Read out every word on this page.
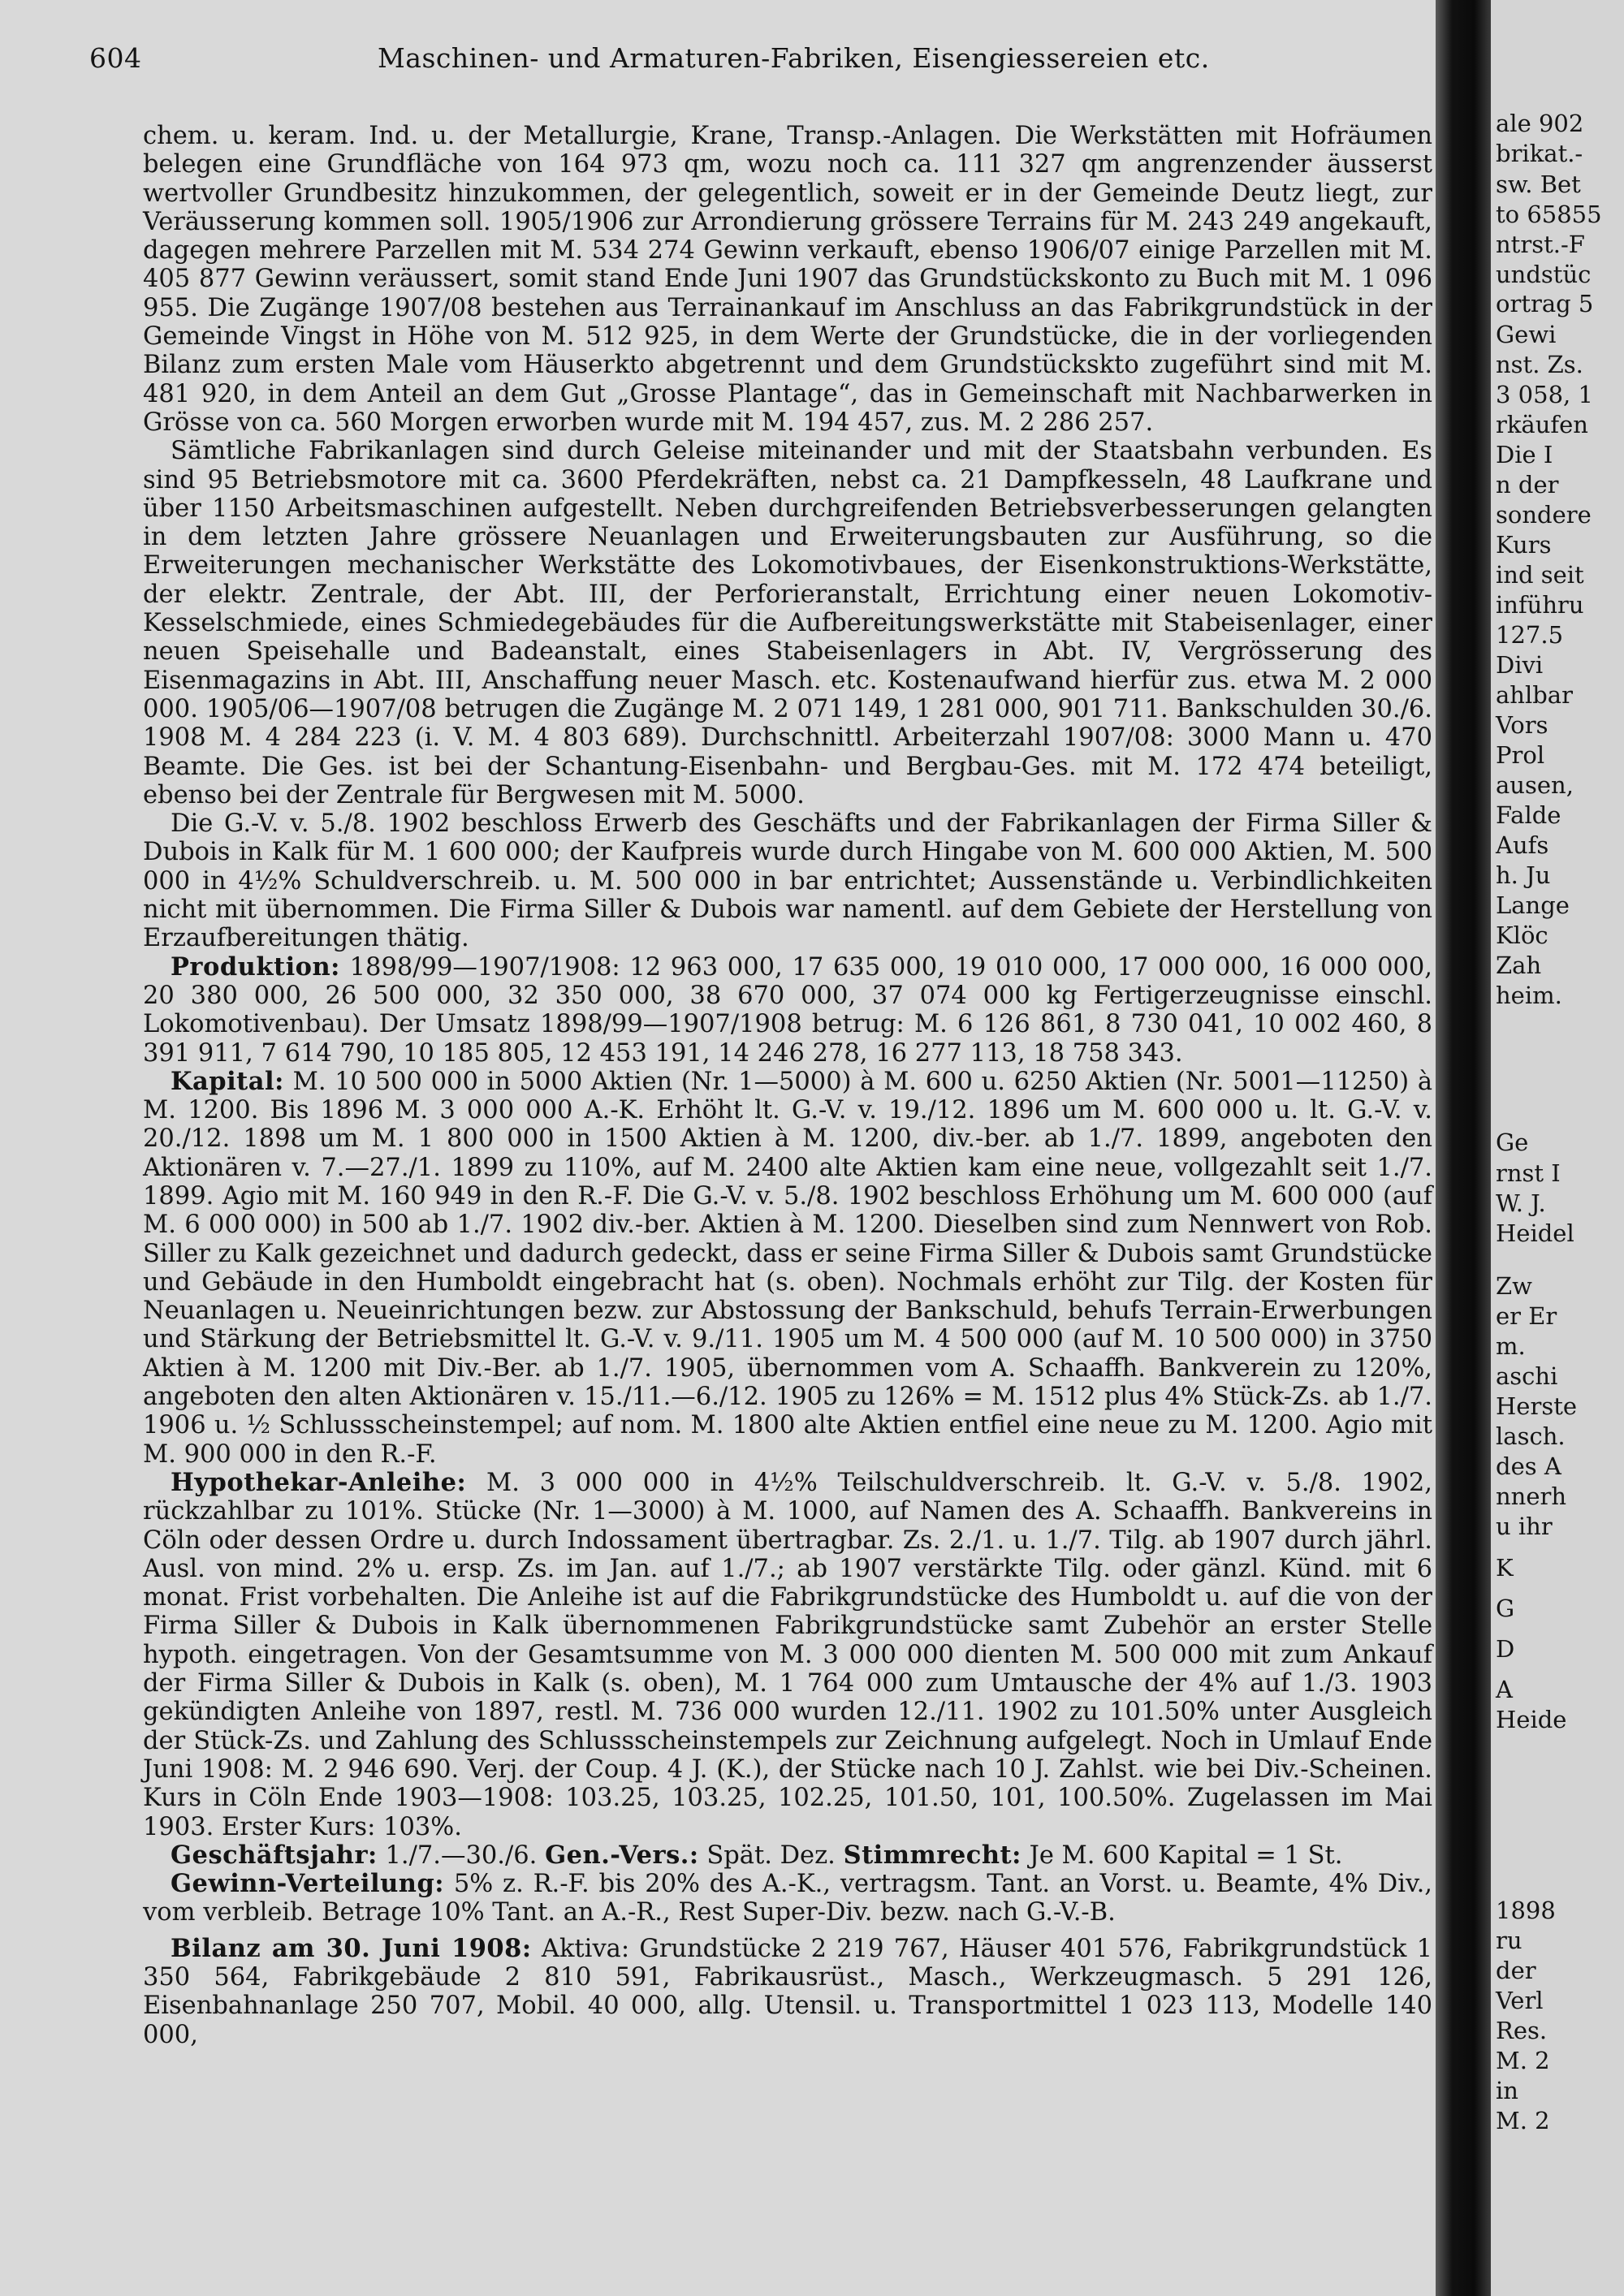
604	Maschinen- und Armaturen-Fabriken, Eisengiessereien etc.

chem. u. keram. Ind. u. der Metallurgie, Krane, Transp.-Anlagen. Die Werkstätten mit Hofräumen belegen eine Grundfläche von 164 973 qm, wozu noch ca. 111 327 qm angrenzender äusserst wertvoller Grundbesitz hinzukommen, der gelegentlich, soweit er in der Gemeinde Deutz liegt, zur Veräusserung kommen soll. 1905/1906 zur Arrondierung grössere Terrains für M. 243 249 angekauft, dagegen mehrere Parzellen mit M. 534 274 Gewinn verkauft, ebenso 1906/07 einige Parzellen mit M. 405 877 Gewinn veräussert, somit stand Ende Juni 1907 das Grundstückskonto zu Buch mit M. 1 096 955. Die Zugänge 1907/08 bestehen aus Terrainankauf im Anschluss an das Fabrikgrundstück in der Gemeinde Vingst in Höhe von M. 512 925, in dem Werte der Grundstücke, die in der vorliegenden Bilanz zum ersten Male vom Häuserkto abgetrennt und dem Grundstückskto zugeführt sind mit M. 481 920, in dem Anteil an dem Gut „Grosse Plantage“, das in Gemeinschaft mit Nachbarwerken in Grösse von ca. 560 Morgen erworben wurde mit M. 194 457, zus. M. 2 286 257.

Sämtliche Fabrikanlagen sind durch Geleise miteinander und mit der Staatsbahn verbunden. Es sind 95 Betriebsmotore mit ca. 3600 Pferdekräften, nebst ca. 21 Dampfkesseln, 48 Laufkrane und über 1150 Arbeitsmaschinen aufgestellt. Neben durchgreifenden Betriebsverbesserungen gelangten in dem letzten Jahre grössere Neuanlagen und Erweiterungsbauten zur Ausführung, so die Erweiterungen mechanischer Werkstätte des Lokomotivbaues, der Eisenkonstruktions-Werkstätte, der elektr. Zentrale, der Abt. III, der Perforieranstalt, Errichtung einer neuen Lokomotiv-Kesselschmiede, eines Schmiedegebäudes für die Aufbereitungswerkstätte mit Stabeisenlager, einer neuen Speisehalle und Badeanstalt, eines Stabeisenlagers in Abt. IV, Vergrösserung des Eisenmagazins in Abt. III, Anschaffung neuer Masch. etc. Kostenaufwand hierfür zus. etwa M. 2 000 000. 1905/06—1907/08 betrugen die Zugänge M. 2 071 149, 1 281 000, 901 711. Bankschulden 30./6. 1908 M. 4 284 223 (i. V. M. 4 803 689). Durchschnittl. Arbeiterzahl 1907/08: 3000 Mann u. 470 Beamte. Die Ges. ist bei der Schantung-Eisenbahn- und Bergbau-Ges. mit M. 172 474 beteiligt, ebenso bei der Zentrale für Bergwesen mit M. 5000.

Die G.-V. v. 5./8. 1902 beschloss Erwerb des Geschäfts und der Fabrikanlagen der Firma Siller & Dubois in Kalk für M. 1 600 000; der Kaufpreis wurde durch Hingabe von M. 600 000 Aktien, M. 500 000 in 4½% Schuldverschreib. u. M. 500 000 in bar entrichtet; Aussenstände u. Verbindlichkeiten nicht mit übernommen. Die Firma Siller & Dubois war namentl. auf dem Gebiete der Herstellung von Erzaufbereitungen thätig.

Produktion: 1898/99—1907/1908: 12 963 000, 17 635 000, 19 010 000, 17 000 000, 16 000 000, 20 380 000, 26 500 000, 32 350 000, 38 670 000, 37 074 000 kg Fertigerzeugnisse einschl. Lokomotivenbau). Der Umsatz 1898/99—1907/1908 betrug: M. 6 126 861, 8 730 041, 10 002 460, 8 391 911, 7 614 790, 10 185 805, 12 453 191, 14 246 278, 16 277 113, 18 758 343.

Kapital: M. 10 500 000 in 5000 Aktien (Nr. 1—5000) à M. 600 u. 6250 Aktien (Nr. 5001—11250) à M. 1200. Bis 1896 M. 3 000 000 A.-K. Erhöht lt. G.-V. v. 19./12. 1896 um M. 600 000 u. lt. G.-V. v. 20./12. 1898 um M. 1 800 000 in 1500 Aktien à M. 1200, div.-ber. ab 1./7. 1899, angeboten den Aktionären v. 7.—27./1. 1899 zu 110%, auf M. 2400 alte Aktien kam eine neue, vollgezahlt seit 1./7. 1899. Agio mit M. 160 949 in den R.-F. Die G.-V. v. 5./8. 1902 beschloss Erhöhung um M. 600 000 (auf M. 6 000 000) in 500 ab 1./7. 1902 div.-ber. Aktien à M. 1200. Dieselben sind zum Nennwert von Rob. Siller zu Kalk gezeichnet und dadurch gedeckt, dass er seine Firma Siller & Dubois samt Grundstücke und Gebäude in den Humboldt eingebracht hat (s. oben). Nochmals erhöht zur Tilg. der Kosten für Neuanlagen u. Neueinrichtungen bezw. zur Abstossung der Bankschuld, behufs Terrain-Erwerbungen und Stärkung der Betriebsmittel lt. G.-V. v. 9./11. 1905 um M. 4 500 000 (auf M. 10 500 000) in 3750 Aktien à M. 1200 mit Div.-Ber. ab 1./7. 1905, übernommen vom A. Schaaffh. Bankverein zu 120%, angeboten den alten Aktionären v. 15./11.—6./12. 1905 zu 126% = M. 1512 plus 4% Stück-Zs. ab 1./7. 1906 u. ½ Schlussscheinstempel; auf nom. M. 1800 alte Aktien entfiel eine neue zu M. 1200. Agio mit M. 900 000 in den R.-F.

Hypothekar-Anleihe: M. 3 000 000 in 4½% Teilschuldverschreib. lt. G.-V. v. 5./8. 1902, rückzahlbar zu 101%. Stücke (Nr. 1—3000) à M. 1000, auf Namen des A. Schaaffh. Bankvereins in Cöln oder dessen Ordre u. durch Indossament übertragbar. Zs. 2./1. u. 1./7. Tilg. ab 1907 durch jährl. Ausl. von mind. 2% u. ersp. Zs. im Jan. auf 1./7.; ab 1907 verstärkte Tilg. oder gänzl. Künd. mit 6 monat. Frist vorbehalten. Die Anleihe ist auf die Fabrikgrundstücke des Humboldt u. auf die von der Firma Siller & Dubois in Kalk übernommenen Fabrikgrundstücke samt Zubehör an erster Stelle hypoth. eingetragen. Von der Gesamtsumme von M. 3 000 000 dienten M. 500 000 mit zum Ankauf der Firma Siller & Dubois in Kalk (s. oben), M. 1 764 000 zum Umtausche der 4% auf 1./3. 1903 gekündigten Anleihe von 1897, restl. M. 736 000 wurden 12./11. 1902 zu 101.50% unter Ausgleich der Stück-Zs. und Zahlung des Schlussscheinstempels zur Zeichnung aufgelegt. Noch in Umlauf Ende Juni 1908: M. 2 946 690. Verj. der Coup. 4 J. (K.), der Stücke nach 10 J. Zahlst. wie bei Div.-Scheinen. Kurs in Cöln Ende 1903—1908: 103.25, 103.25, 102.25, 101.50, 101, 100.50%. Zugelassen im Mai 1903. Erster Kurs: 103%.

Geschäftsjahr: 1./7.—30./6. Gen.-Vers.: Spät. Dez. Stimmrecht: Je M. 600 Kapital = 1 St.

Gewinn-Verteilung: 5% z. R.-F. bis 20% des A.-K., vertragsm. Tant. an Vorst. u. Beamte, 4% Div., vom verbleib. Betrage 10% Tant. an A.-R., Rest Super-Div. bezw. nach G.-V.-B.

Bilanz am 30. Juni 1908: Aktiva: Grundstücke 2 219 767, Häuser 401 576, Fabrikgrundstück 1 350 564, Fabrikgebäude 2 810 591, Fabrikausrüst., Masch., Werkzeugmasch. 5 291 126, Eisenbahnanlage 250 707, Mobil. 40 000, allg. Utensil. u. Transportmittel 1 023 113, Modelle 140 000,

ale 902
brikat.-
sw. Bet
to 65855
ntrst.-F
undstüc
ortrag 5
Gewi
nst. Zs.
3 058, 1
rkäufen
Die I
n der
sondere
Kurs
ind seit
inführu
127.5
Divi
ahlbar
Vors
Prol
ausen,
Falde
Aufs
h. Ju
Lange
Klöc
Zah
heim.
Ge
rnst I
W. J.
Heidel
Zw
er Er
m.
aschi
Herste
lasch.
des A
nnerh
u ihr
K
G
D
A
Heide
1898
ru
der
Verl
Res.
M. 2
in
M. 2
